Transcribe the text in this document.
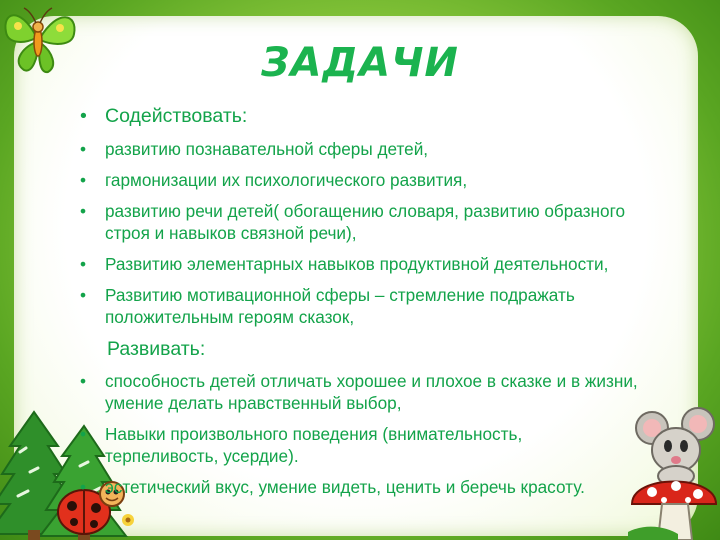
ЗАДАЧИ
• Содействовать:
• развитию познавательной сферы детей,
• гармонизации их психологического развития,
• развитию речи детей( обогащению словаря, развитию образного строя и навыков связной речи),
• Развитию элементарных навыков продуктивной деятельности,
• Развитию мотивационной сферы – стремление подражать положительным героям сказок,
Развивать:
• способность детей отличать хорошее и плохое в сказке и в жизни, умение делать нравственный выбор,
• Навыки произвольного поведения (внимательность, терпеливость, усердие).
• эстетический вкус, умение видеть, ценить и беречь красоту.
